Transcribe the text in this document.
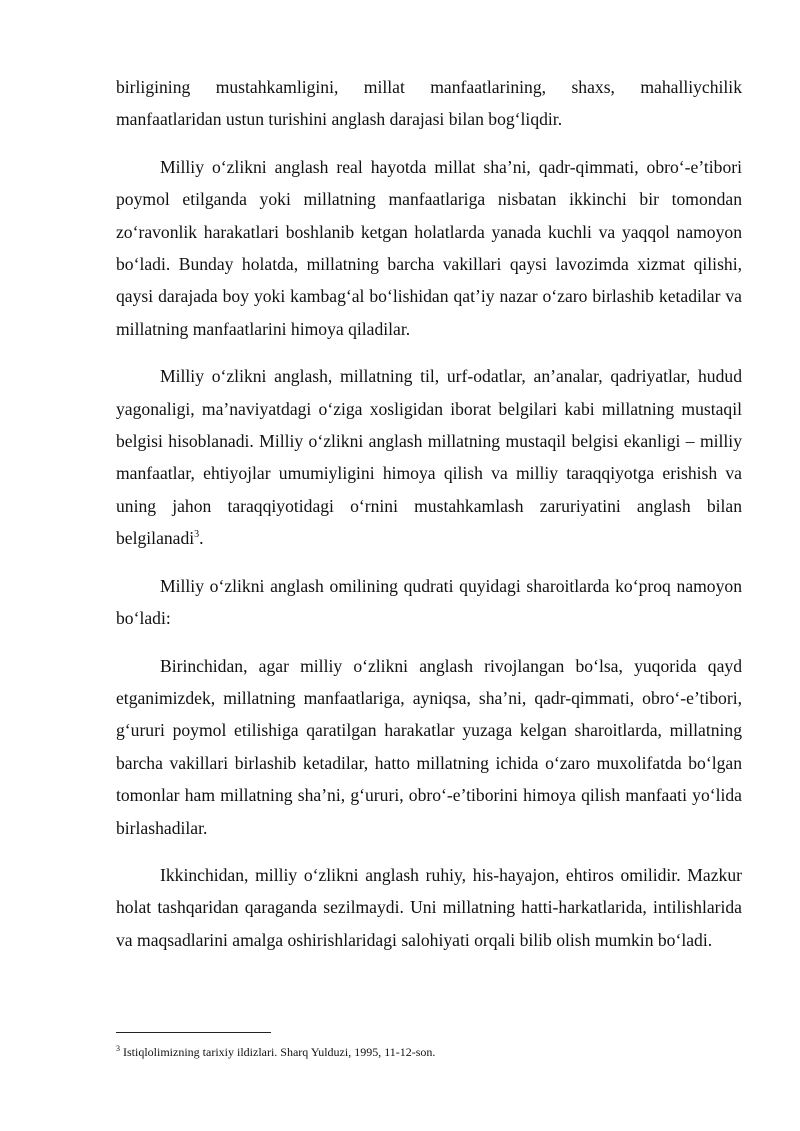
birligining mustahkamligini, millat manfaatlarining, shaxs, mahalliychilik manfaatlaridan ustun turishini anglash darajasi bilan bog‘liqdir.

Milliy o‘zlikni anglash real hayotda millat sha’ni, qadr-qimmati, obro‘-e’tibori poymol etilganda yoki millatning manfaatlariga nisbatan ikkinchi bir tomondan zo‘ravonlik harakatlari boshlanib ketgan holatlarda yanada kuchli va yaqqol namoyon bo‘ladi. Bunday holatda, millatning barcha vakillari qaysi lavozimda xizmat qilishi, qaysi darajada boy yoki kambag‘al bo‘lishidan qat’iy nazar o‘zaro birlashib ketadilar va millatning manfaatlarini himoya qiladilar.

Milliy o‘zlikni anglash, millatning til, urf-odatlar, an’analar, qadriyatlar, hudud yagonaligi, ma’naviyatdagi o‘ziga xosligidan iborat belgilari kabi millatning mustaqil belgisi hisoblanadi. Milliy o‘zlikni anglash millatning mustaqil belgisi ekanligi – milliy manfaatlar, ehtiyojlar umumiyligini himoya qilish va milliy taraqqiyotga erishish va uning jahon taraqqiyotidagi o‘rnini mustahkamlash zaruriyatini anglash bilan belgilanadi$^3$.

Milliy o‘zlikni anglash omilining qudrati quyidagi sharoitlarda ko‘proq namoyon bo‘ladi:

Birinchidan, agar milliy o‘zlikni anglash rivojlangan bo‘lsa, yuqorida qayd etganimizdek, millatning manfaatlariga, ayniqsa, sha’ni, qadr-qimmati, obro‘-e’tibori, g‘ururi poymol etilishiga qaratilgan harakatlar yuzaga kelgan sharoitlarda, millatning barcha vakillari birlashib ketadilar, hatto millatning ichida o‘zaro muxolifatda bo‘lgan tomonlar ham millatning sha’ni, g‘ururi, obro‘-e’tiborini himoya qilish manfaati yo‘lida birlashadilar.

Ikkinchidan, milliy o‘zlikni anglash ruhiy, his-hayajon, ehtiros omilidir. Mazkur holat tashqaridan qaraganda sezilmaydi. Uni millatning hatti-harkatlarida, intilishlarida va maqsadlarini amalga oshirishlaridagi salohiyati orqali bilib olish mumkin bo‘ladi.

$^3$ Istiqlolimizning tarixiy ildizlari. Sharq Yulduzi, 1995, 11-12-son.
